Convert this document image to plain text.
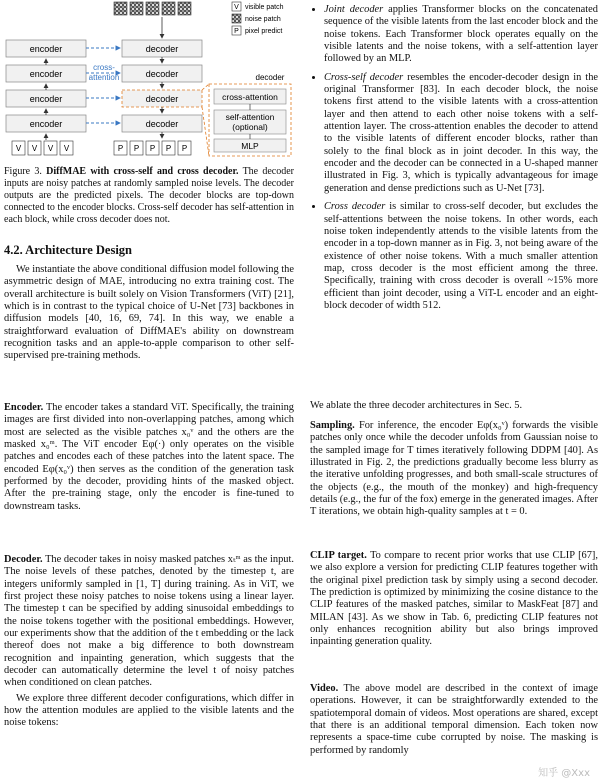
V visible patch
noise patch
P pixel predict
encoder
encoder
encoder
encoder
decoder
decoder
decoder
decoder
cross-
attention	decoder
cross-attention
self-attention
(optional)
MLP
V V V V	P P P P P

Figure 3. DiffMAE with cross-self and cross decoder. The decoder inputs are noisy patches at randomly sampled noise levels. The decoder outputs are the predicted pixels. The decoder blocks are top-down connected to the encoder blocks. Cross-self decoder has self-attention in each block, while cross decoder does not.

4.2. Architecture Design

We instantiate the above conditional diffusion model following the asymmetric design of MAE, introducing no extra training cost. The overall architecture is built solely on Vision Transformers (ViT) [21], which is in contrast to the typical choice of U-Net [73] backbones in diffusion models [40, 16, 69, 74]. In this way, we enable a straightforward evaluation of DiffMAE's ability on downstream recognition tasks and an apple-to-apple comparison to other self-supervised pre-training methods.

Encoder. The encoder takes a standard ViT. Specifically, the training images are first divided into non-overlapping patches, among which most are selected as the visible patches x₀ᵛ and the others are the masked x₀ᵐ. The ViT encoder Eφ(·) only operates on the visible patches and encodes each of these patches into the latent space. The encoded Eφ(x₀ᵛ) then serves as the condition of the generation task performed by the decoder, providing hints of the masked object. After the pre-training stage, only the encoder is fine-tuned to downstream tasks.

Decoder. The decoder takes in noisy masked patches xₜᵐ as the input. The noise levels of these patches, denoted by the timestep t, are integers uniformly sampled in [1, T] during training. As in ViT, we first project these noisy patches to noise tokens using a linear layer. The timestep t can be specified by adding sinusoidal embeddings to the noise tokens together with the positional embeddings. However, our experiments show that the addition of the t embedding or the lack thereof does not make a big difference to both downstream recognition and inpainting generation, which suggests that the decoder can automatically determine the level t of noisy patches when conditioned on clean patches.

We explore three different decoder configurations, which differ in how the attention modules are applied to the visible latents and the noise tokens:

• Joint decoder applies Transformer blocks on the concatenated sequence of the visible latents from the last encoder block and the noise tokens. Each Transformer block operates equally on the visible latents and the noise tokens, with a self-attention layer followed by an MLP.
• Cross-self decoder resembles the encoder-decoder design in the original Transformer [83]. In each decoder block, the noise tokens first attend to the visible latents with a cross-attention layer and then attend to each other noise tokens with a self-attention layer. The cross-attention enables the decoder to attend to the visible latents of different encoder blocks, rather than solely to the final block as in joint decoder. In this way, the encoder and the decoder can be connected in a U-shaped manner illustrated in Fig. 3, which is typically advantageous for image generation and dense predictions such as U-Net [73].
• Cross decoder is similar to cross-self decoder, but excludes the self-attentions between the noise tokens. In other words, each noise token independently attends to the visible latents from the encoder in a top-down manner as in Fig. 3, not being aware of the existence of other noise tokens. With a much smaller attention map, cross decoder is the most efficient among the three. Specifically, training with cross decoder is overall ~15% more efficient than joint decoder, using a ViT-L encoder and an eight-block decoder of width 512.

We ablate the three decoder architectures in Sec. 5.

Sampling. For inference, the encoder Eφ(x₀ᵛ) forwards the visible patches only once while the decoder unfolds from Gaussian noise to the sampled image for T times iteratively following DDPM [40]. As illustrated in Fig. 2, the predictions gradually become less blurry as the iterative unfolding progresses, and both small-scale structures of the objects (e.g., the mouth of the monkey) and high-frequency details (e.g., the fur of the fox) emerge in the generated images. After T iterations, we obtain high-quality samples at t = 0.

CLIP target. To compare to recent prior works that use CLIP [67], we also explore a version for predicting CLIP features together with the original pixel prediction task by simply using a second decoder. The prediction is optimized by minimizing the cosine distance to the CLIP features of the masked patches, similar to MaskFeat [87] and MILAN [43]. As we show in Tab. 6, predicting CLIP features not only enhances recognition ability but also brings improved inpainting generation quality.

Video. The above model are described in the context of image operations. However, it can be straightforwardly extended to the spatiotemporal domain of videos. Most operations are shared, except that there is an additional temporal dimension. Each token now represents a space-time cube corrupted by noise. The masking is performed by randomly

知乎 @Xxx
